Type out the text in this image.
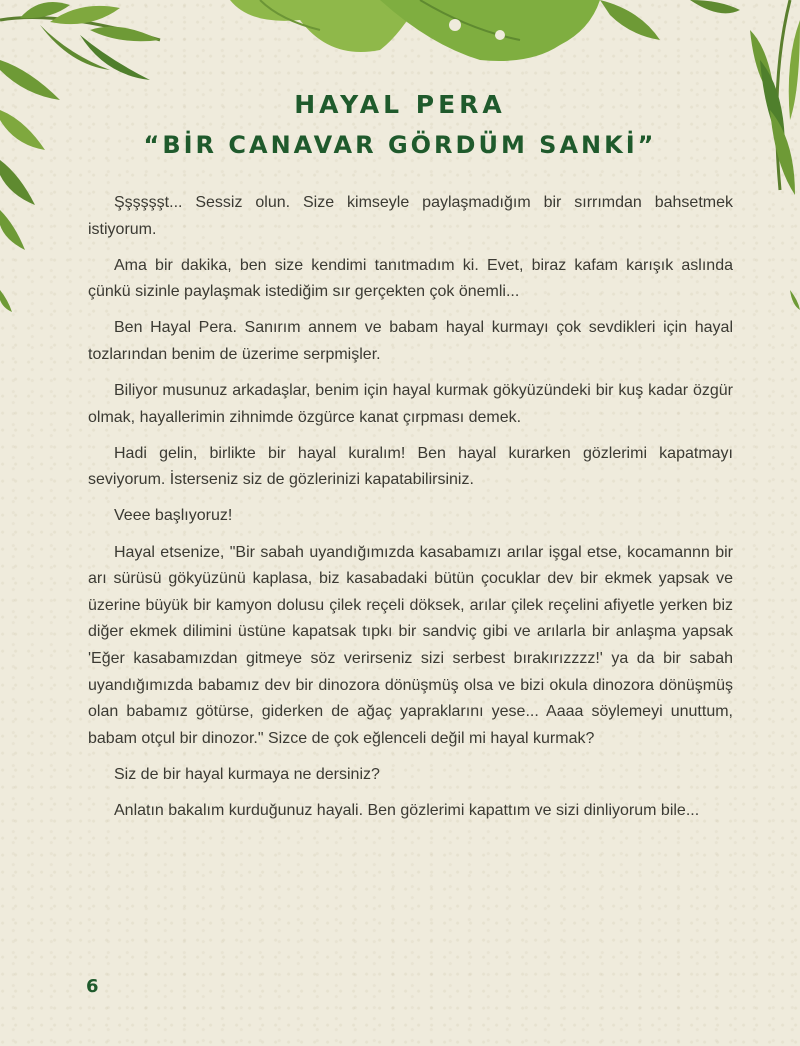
HAYAL PERA
“BİR CANAVAR GÖRDÜM SANKİ”

Şşşşşşt... Sessiz olun. Size kimseyle paylaşmadığım bir sırrımdan bahsetmek istiyorum.

Ama bir dakika, ben size kendimi tanıtmadım ki. Evet, biraz kafam karışık aslında çünkü sizinle paylaşmak istediğim sır gerçekten çok önemli...

Ben Hayal Pera. Sanırım annem ve babam hayal kurmayı çok sevdikleri için hayal tozlarından benim de üzerime serpmişler.

Biliyor musunuz arkadaşlar, benim için hayal kurmak gökyüzündeki bir kuş kadar özgür olmak, hayallerimin zihnimde özgürce kanat çırpması demek.

Hadi gelin, birlikte bir hayal kuralım! Ben hayal kurarken gözlerimi kapatmayı seviyorum. İsterseniz siz de gözlerinizi kapatabilirsiniz.

Veee başlıyoruz!

Hayal etsenize, "Bir sabah uyandığımızda kasabamızı arılar işgal etse, kocamannn bir arı sürüsü gökyüzünü kaplasa, biz kasabadaki bütün çocuklar dev bir ekmek yapsak ve üzerine büyük bir kamyon dolusu çilek reçeli döksek, arılar çilek reçelini afiyetle yerken biz diğer ekmek dilimini üstüne kapatsak tıpkı bir sandviç gibi ve arılarla bir anlaşma yapsak 'Eğer kasabamızdan gitmeye söz verirseniz sizi serbest bırakırızzzz!' ya da bir sabah uyandığımızda babamız dev bir dinozora dönüşmüş olsa ve bizi okula dinozora dönüşmüş olan babamız götürse, giderken de ağaç yapraklarını yese... Aaaa söylemeyi unuttum, babam otçul bir dinozor." Sizce de çok eğlenceli değil mi hayal kurmak?

Siz de bir hayal kurmaya ne dersiniz?

Anlatın bakalım kurduğunuz hayali. Ben gözlerimi kapattım ve sizi dinliyorum bile...

6
